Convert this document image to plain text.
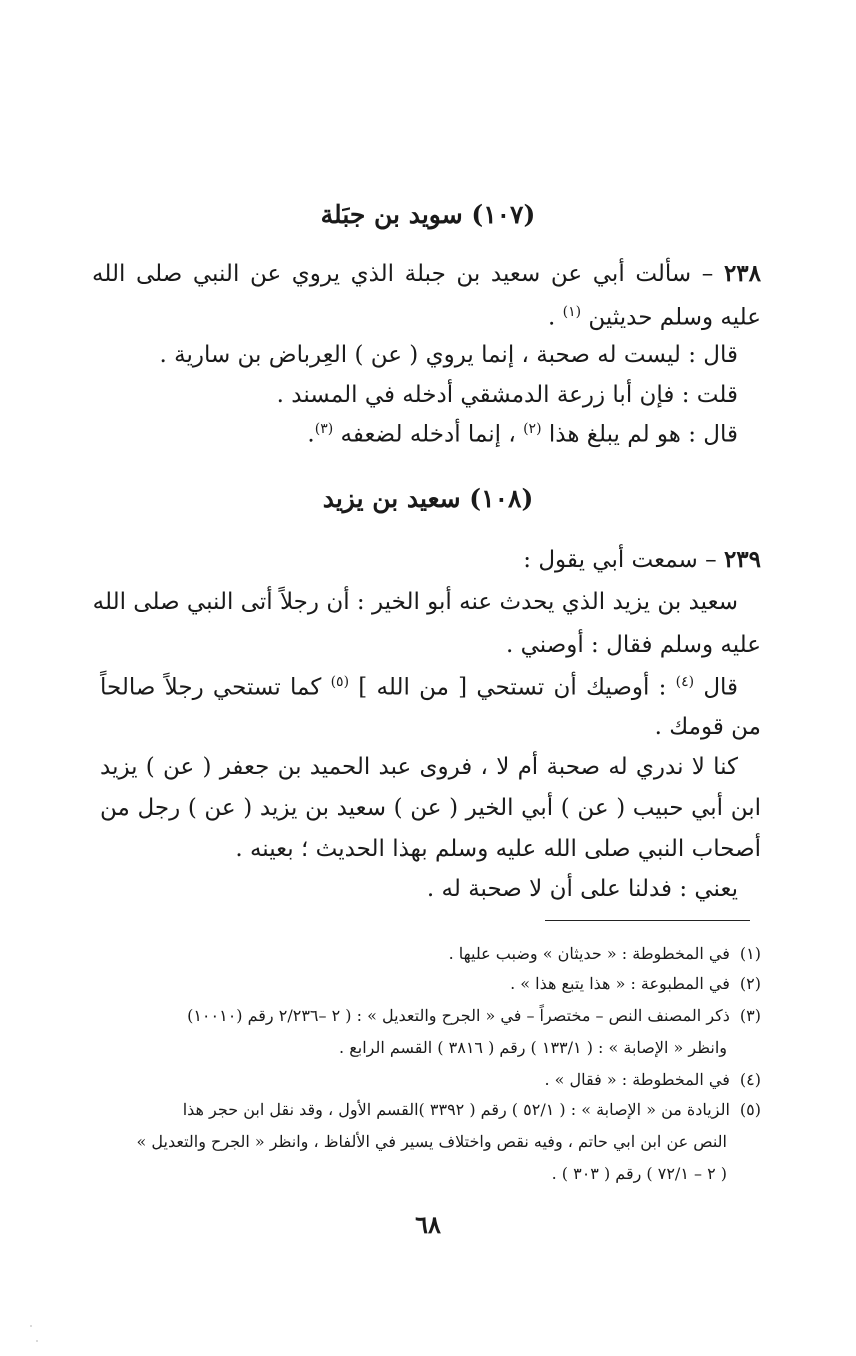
(١٠٧) سويد بن جبَلة
٢٣٨ – سألت أبي عن سعيد بن جبلة الذي يروي عن النبي صلى الله
عليه وسلم حديثين $^{(١)}$ .
قال : ليست له صحبة ، إنما يروي ( عن ) العِرباض بن سارية .
قلت : فإن أبا زرعة الدمشقي أدخله في المسند .
قال : هو لم يبلغ هذا $^{(٢)}$ ، إنما أدخله لضعفه $^{(٣)}$.
(١٠٨) سعيد بن يزيد
٢٣٩ – سمعت أبي يقول :
سعيد بن يزيد الذي يحدث عنه أبو الخير : أن رجلاً أتى النبي صلى الله
عليه وسلم فقال : أوصني .
قال $^{(٤)}$ : أوصيك أن تستحي [ من الله ] $^{(٥)}$ كما تستحي رجلاً صالحاً
من قومك .
كنا لا ندري له صحبة أم لا ، فروى عبد الحميد بن جعفر ( عن ) يزيد
ابن أبي حبيب ( عن ) أبي الخير ( عن ) سعيد بن يزيد ( عن ) رجل من
أصحاب النبي صلى الله عليه وسلم بهذا الحديث ؛ بعينه .
يعني : فدلنا على أن لا صحبة له .
(١)في المخطوطة : « حديثان » وضبب عليها .
(٢)في المطبوعة : « هذا يتبع هذا » .
(٣)ذكر المصنف النص – مختصراً – في « الجرح والتعديل » : ( ٢ –٢/٢٣٦ رقم (١٠٠١٠)
وانظر « الإصابة » : ( ١٣٣/١ ) رقم ( ٣٨١٦ ) القسم الرابع .
(٤)في المخطوطة : « فقال » .
(٥)الزيادة من « الإصابة » : ( ٥٢/١ ) رقم ( ٣٣٩٢ )القسم الأول ، وقد نقل ابن حجر هذا
النص عن ابن ابي حاتم ، وفيه نقص واختلاف يسير في الألفاظ ، وانظر « الجرح والتعديل »
( ٢ – ٧٢/١ ) رقم ( ٣٠٣ ) .
٦٨
